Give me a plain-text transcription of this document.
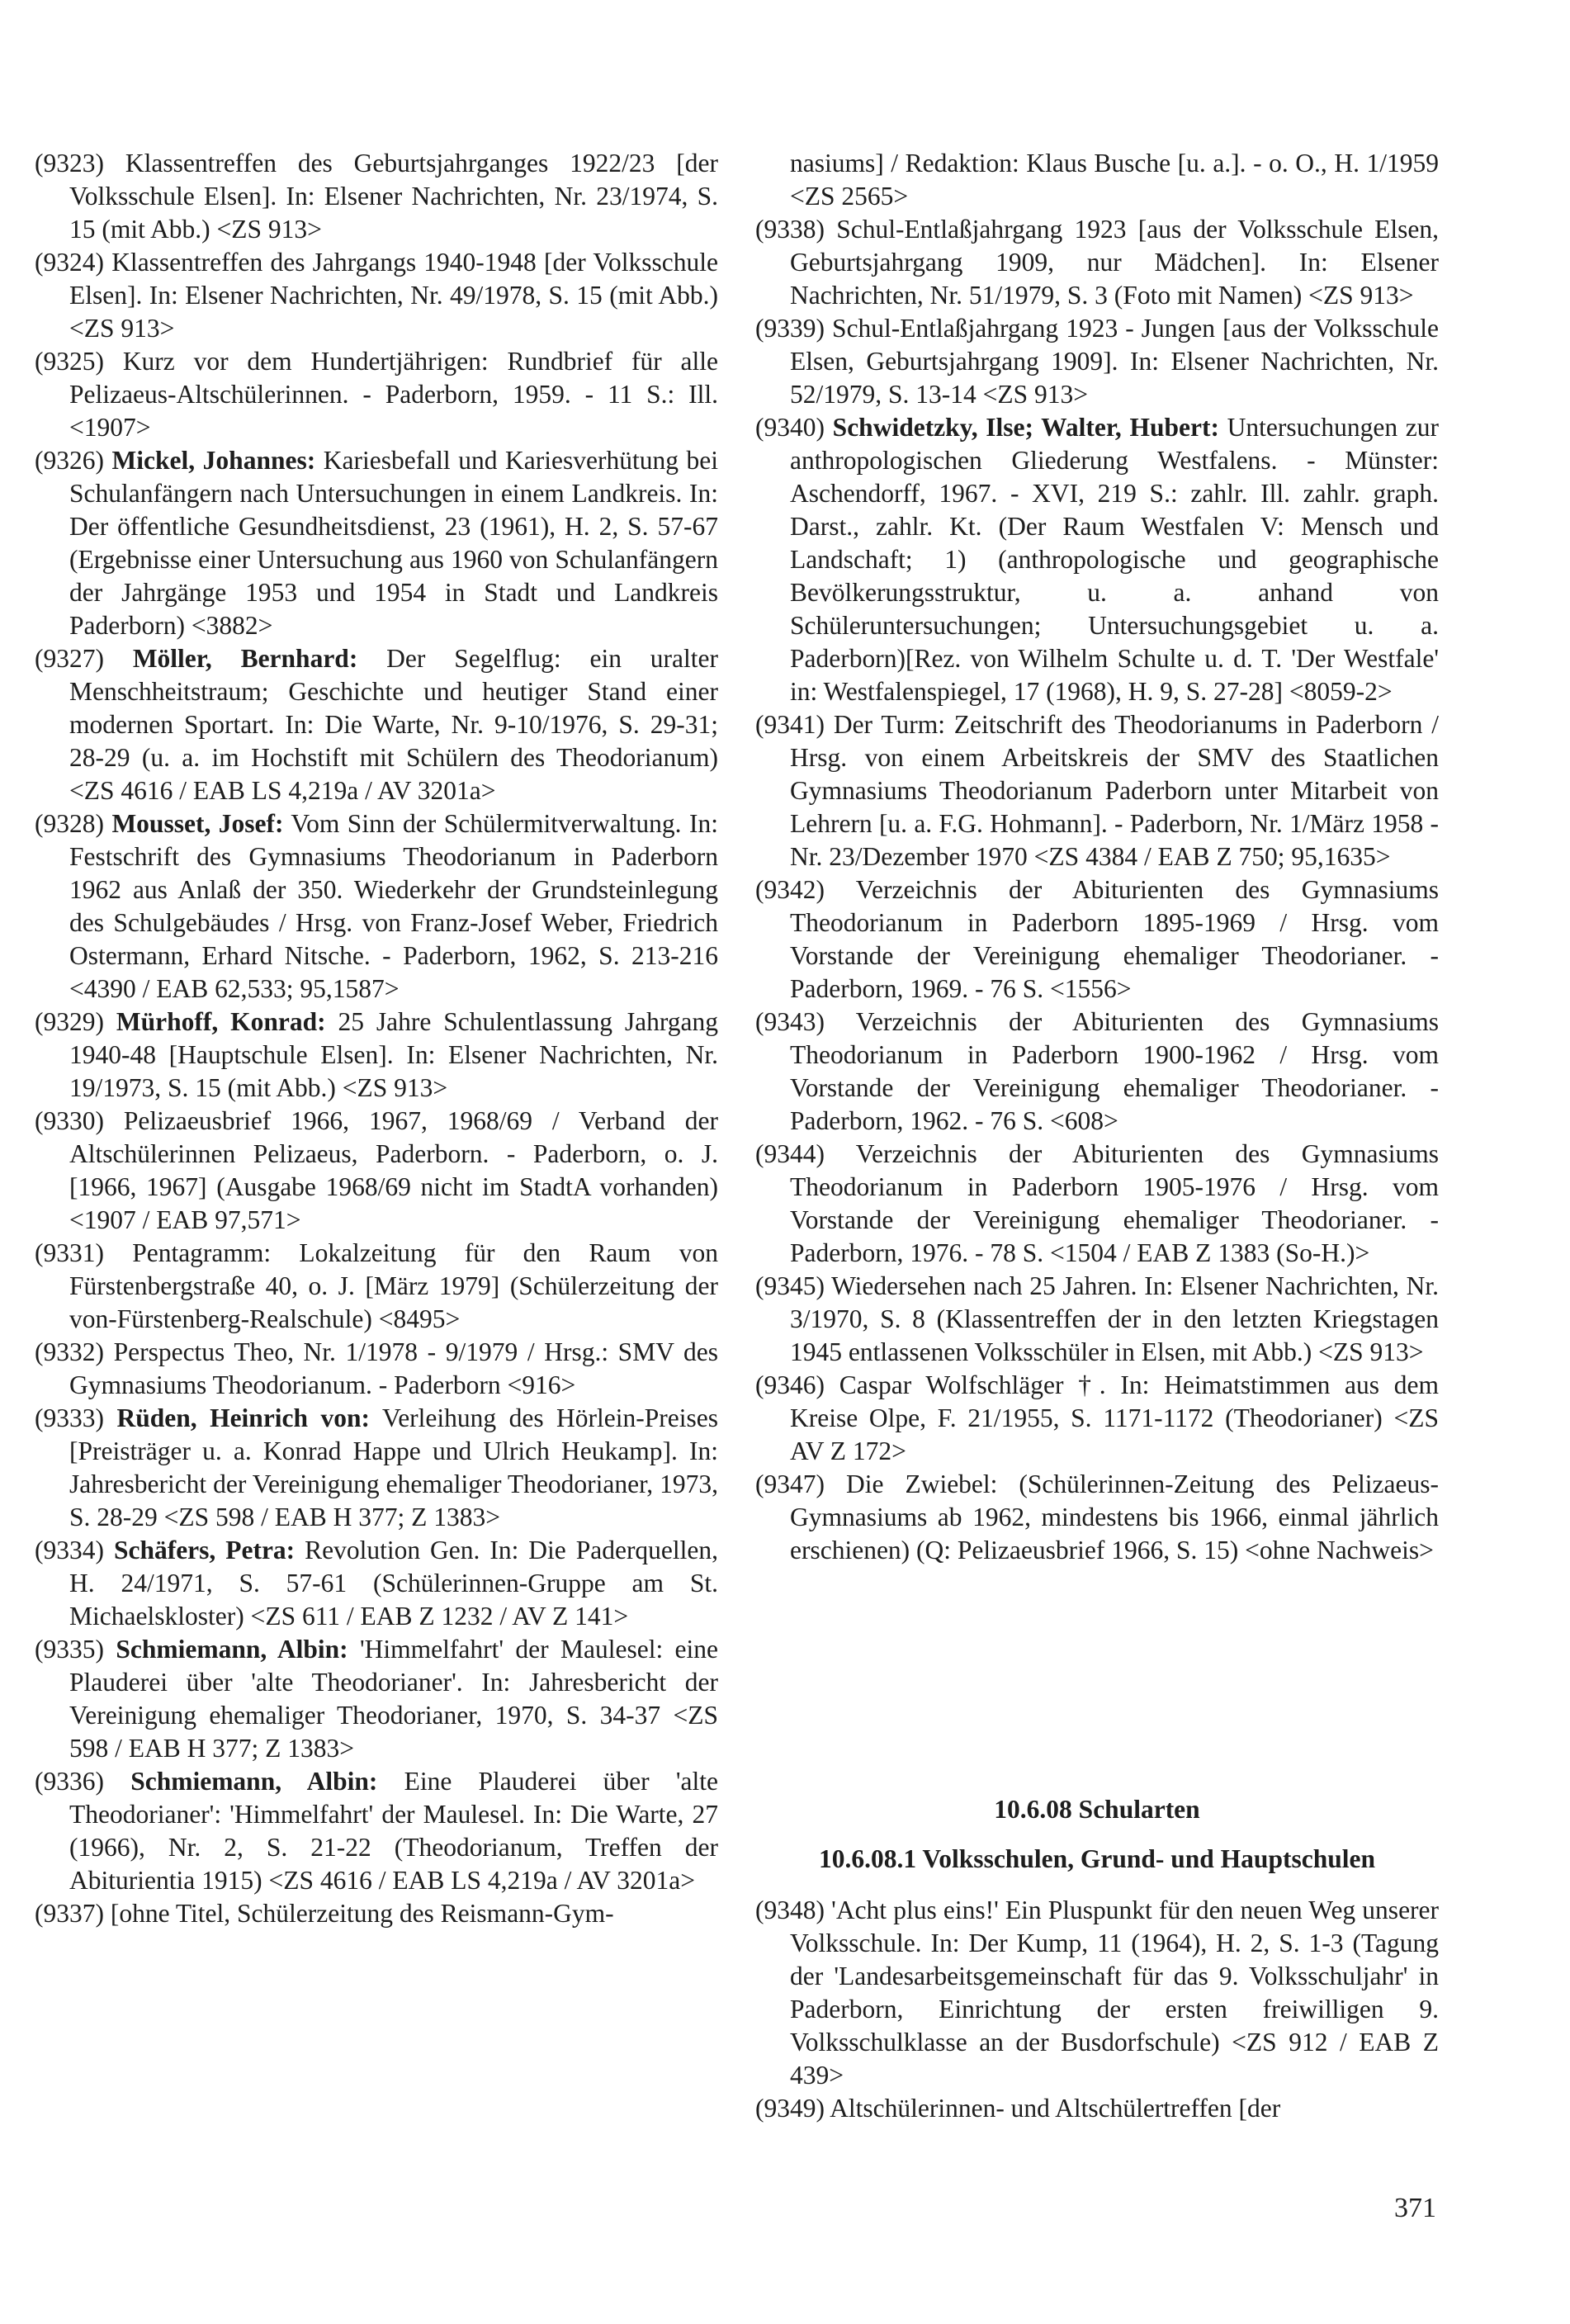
(9323) Klassentreffen des Geburtsjahrganges 1922/23 [der Volksschule Elsen]. In: Elsener Nachrichten, Nr. 23/1974, S. 15 (mit Abb.) <ZS 913>
(9324) Klassentreffen des Jahrgangs 1940-1948 [der Volksschule Elsen]. In: Elsener Nachrichten, Nr. 49/1978, S. 15 (mit Abb.) <ZS 913>
(9325) Kurz vor dem Hundertjährigen: Rundbrief für alle Pelizaeus-Altschülerinnen. - Paderborn, 1959. - 11 S.: Ill. <1907>
(9326) Mickel, Johannes: Kariesbefall und Kariesverhütung bei Schulanfängern nach Untersuchungen in einem Landkreis. In: Der öffentliche Gesundheitsdienst, 23 (1961), H. 2, S. 57-67 (Ergebnisse einer Untersuchung aus 1960 von Schulanfängern der Jahrgänge 1953 und 1954 in Stadt und Landkreis Paderborn) <3882>
(9327) Möller, Bernhard: Der Segelflug: ein uralter Menschheitstraum; Geschichte und heutiger Stand einer modernen Sportart. In: Die Warte, Nr. 9-10/1976, S. 29-31; 28-29 (u. a. im Hochstift mit Schülern des Theodorianum) <ZS 4616 / EAB LS 4,219a / AV 3201a>
(9328) Mousset, Josef: Vom Sinn der Schülermitverwaltung. In: Festschrift des Gymnasiums Theodorianum in Paderborn 1962 aus Anlaß der 350. Wiederkehr der Grundsteinlegung des Schulgebäudes / Hrsg. von Franz-Josef Weber, Friedrich Ostermann, Erhard Nitsche. - Paderborn, 1962, S. 213-216 <4390 / EAB 62,533; 95,1587>
(9329) Mürhoff, Konrad: 25 Jahre Schulentlassung Jahrgang 1940-48 [Hauptschule Elsen]. In: Elsener Nachrichten, Nr. 19/1973, S. 15 (mit Abb.) <ZS 913>
(9330) Pelizaeusbrief 1966, 1967, 1968/69 / Verband der Altschülerinnen Pelizaeus, Paderborn. - Paderborn, o. J. [1966, 1967] (Ausgabe 1968/69 nicht im StadtA vorhanden) <1907 / EAB 97,571>
(9331) Pentagramm: Lokalzeitung für den Raum von Fürstenbergstraße 40, o. J. [März 1979] (Schülerzeitung der von-Fürstenberg-Realschule) <8495>
(9332) Perspectus Theo, Nr. 1/1978 - 9/1979 / Hrsg.: SMV des Gymnasiums Theodorianum. - Paderborn <916>
(9333) Rüden, Heinrich von: Verleihung des Hörlein-Preises [Preisträger u. a. Konrad Happe und Ulrich Heukamp]. In: Jahresbericht der Vereinigung ehemaliger Theodorianer, 1973, S. 28-29 <ZS 598 / EAB H 377; Z 1383>
(9334) Schäfers, Petra: Revolution Gen. In: Die Paderquellen, H. 24/1971, S. 57-61 (Schülerinnen-Gruppe am St. Michaelskloster) <ZS 611 / EAB Z 1232 / AV Z 141>
(9335) Schmiemann, Albin: 'Himmelfahrt' der Maulesel: eine Plauderei über 'alte Theodorianer'. In: Jahresbericht der Vereinigung ehemaliger Theodorianer, 1970, S. 34-37 <ZS 598 / EAB H 377; Z 1383>
(9336) Schmiemann, Albin: Eine Plauderei über 'alte Theodorianer': 'Himmelfahrt' der Maulesel. In: Die Warte, 27 (1966), Nr. 2, S. 21-22 (Theodorianum, Treffen der Abiturientia 1915) <ZS 4616 / EAB LS 4,219a / AV 3201a>
(9337) [ohne Titel, Schülerzeitung des Reismann-Gym-
nasiums] / Redaktion: Klaus Busche [u. a.]. - o. O., H. 1/1959 <ZS 2565>
(9338) Schul-Entlaßjahrgang 1923 [aus der Volksschule Elsen, Geburtsjahrgang 1909, nur Mädchen]. In: Elsener Nachrichten, Nr. 51/1979, S. 3 (Foto mit Namen) <ZS 913>
(9339) Schul-Entlaßjahrgang 1923 - Jungen [aus der Volksschule Elsen, Geburtsjahrgang 1909]. In: Elsener Nachrichten, Nr. 52/1979, S. 13-14 <ZS 913>
(9340) Schwidetzky, Ilse; Walter, Hubert: Untersuchungen zur anthropologischen Gliederung Westfalens. - Münster: Aschendorff, 1967. - XVI, 219 S.: zahlr. Ill. zahlr. graph. Darst., zahlr. Kt. (Der Raum Westfalen V: Mensch und Landschaft; 1) (anthropologische und geographische Bevölkerungsstruktur, u. a. anhand von Schüleruntersuchungen; Untersuchungsgebiet u. a. Paderborn)[Rez. von Wilhelm Schulte u. d. T. 'Der Westfale' in: Westfalenspiegel, 17 (1968), H. 9, S. 27-28] <8059-2>
(9341) Der Turm: Zeitschrift des Theodorianums in Paderborn / Hrsg. von einem Arbeitskreis der SMV des Staatlichen Gymnasiums Theodorianum Paderborn unter Mitarbeit von Lehrern [u. a. F.G. Hohmann]. - Paderborn, Nr. 1/März 1958 - Nr. 23/Dezember 1970 <ZS 4384 / EAB Z 750; 95,1635>
(9342) Verzeichnis der Abiturienten des Gymnasiums Theodorianum in Paderborn 1895-1969 / Hrsg. vom Vorstande der Vereinigung ehemaliger Theodorianer. - Paderborn, 1969. - 76 S. <1556>
(9343) Verzeichnis der Abiturienten des Gymnasiums Theodorianum in Paderborn 1900-1962 / Hrsg. vom Vorstande der Vereinigung ehemaliger Theodorianer. - Paderborn, 1962. - 76 S. <608>
(9344) Verzeichnis der Abiturienten des Gymnasiums Theodorianum in Paderborn 1905-1976 / Hrsg. vom Vorstande der Vereinigung ehemaliger Theodorianer. - Paderborn, 1976. - 78 S. <1504 / EAB Z 1383 (So-H.)>
(9345) Wiedersehen nach 25 Jahren. In: Elsener Nachrichten, Nr. 3/1970, S. 8 (Klassentreffen der in den letzten Kriegstagen 1945 entlassenen Volksschüler in Elsen, mit Abb.) <ZS 913>
(9346) Caspar Wolfschläger †. In: Heimatstimmen aus dem Kreise Olpe, F. 21/1955, S. 1171-1172 (Theodorianer) <ZS AV Z 172>
(9347) Die Zwiebel: (Schülerinnen-Zeitung des Pelizaeus-Gymnasiums ab 1962, mindestens bis 1966, einmal jährlich erschienen) (Q: Pelizaeusbrief 1966, S. 15) <ohne Nachweis>
10.6.08 Schularten
10.6.08.1 Volksschulen, Grund- und Hauptschulen
(9348) 'Acht plus eins!' Ein Pluspunkt für den neuen Weg unserer Volksschule. In: Der Kump, 11 (1964), H. 2, S. 1-3 (Tagung der 'Landesarbeitsgemeinschaft für das 9. Volksschuljahr' in Paderborn, Einrichtung der ersten freiwilligen 9. Volksschulklasse an der Busdorfschule) <ZS 912 / EAB Z 439>
(9349) Altschülerinnen- und Altschülertreffen [der
371
